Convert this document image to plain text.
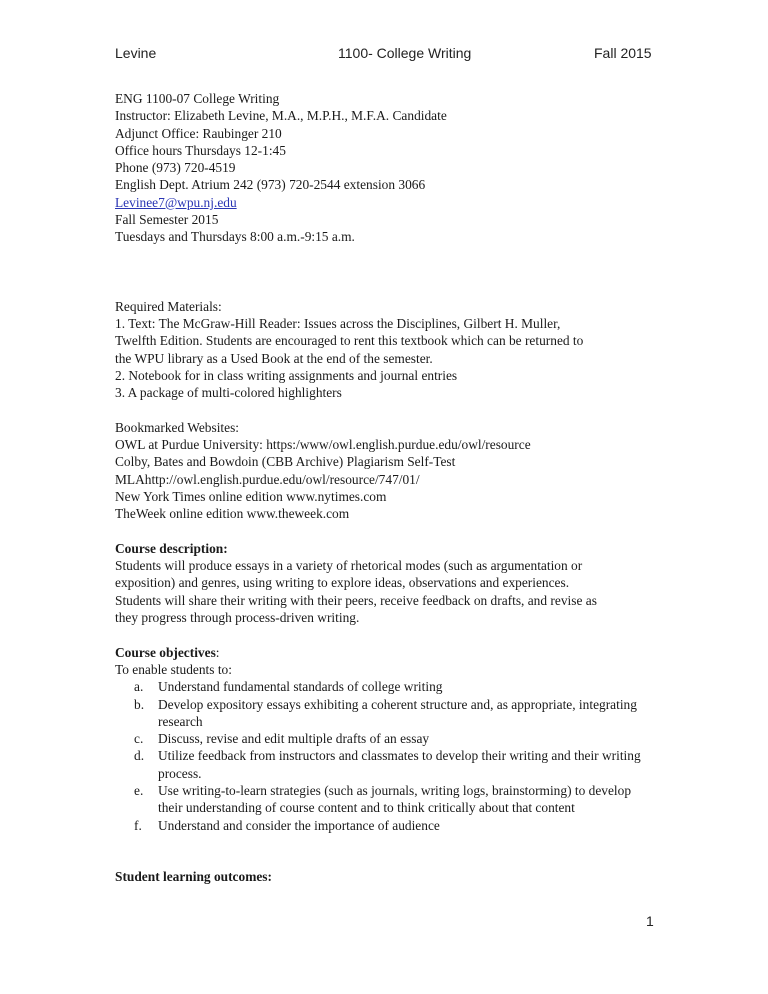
Levine	1100- College Writing	Fall 2015
ENG 1100-07 College Writing
Instructor: Elizabeth Levine, M.A., M.P.H., M.F.A. Candidate
Adjunct Office: Raubinger 210
Office hours Thursdays 12-1:45
Phone (973) 720-4519
English Dept. Atrium 242 (973) 720-2544 extension 3066
Levinee7@wpu.nj.edu
Fall Semester 2015
Tuesdays and Thursdays 8:00 a.m.-9:15 a.m.
Required Materials:
1. Text: The McGraw-Hill Reader: Issues across the Disciplines, Gilbert H. Muller,
Twelfth Edition. Students are encouraged to rent this textbook which can be returned to
the WPU library as a Used Book at the end of the semester.
2. Notebook for in class writing assignments and journal entries
3. A package of multi-colored highlighters
Bookmarked Websites:
OWL at Purdue University: https:/www/owl.english.purdue.edu/owl/resource
Colby, Bates and Bowdoin (CBB Archive) Plagiarism Self-Test
MLAhttp://owl.english.purdue.edu/owl/resource/747/01/
New York Times online edition www.nytimes.com
TheWeek online edition www.theweek.com
Course description:
Students will produce essays in a variety of rhetorical modes (such as argumentation or
exposition) and genres, using writing to explore ideas, observations and experiences.
Students will share their writing with their peers, receive feedback on drafts, and revise as
they progress through process-driven writing.
Course objectives:
To enable students to:
a. Understand fundamental standards of college writing
b. Develop expository essays exhibiting a coherent structure and, as appropriate, integrating research
c. Discuss, revise and edit multiple drafts of an essay
d. Utilize feedback from instructors and classmates to develop their writing and their writing process.
e. Use writing-to-learn strategies (such as journals, writing logs, brainstorming) to develop their understanding of course content and to think critically about that content
f. Understand and consider the importance of audience
Student learning outcomes:
1
